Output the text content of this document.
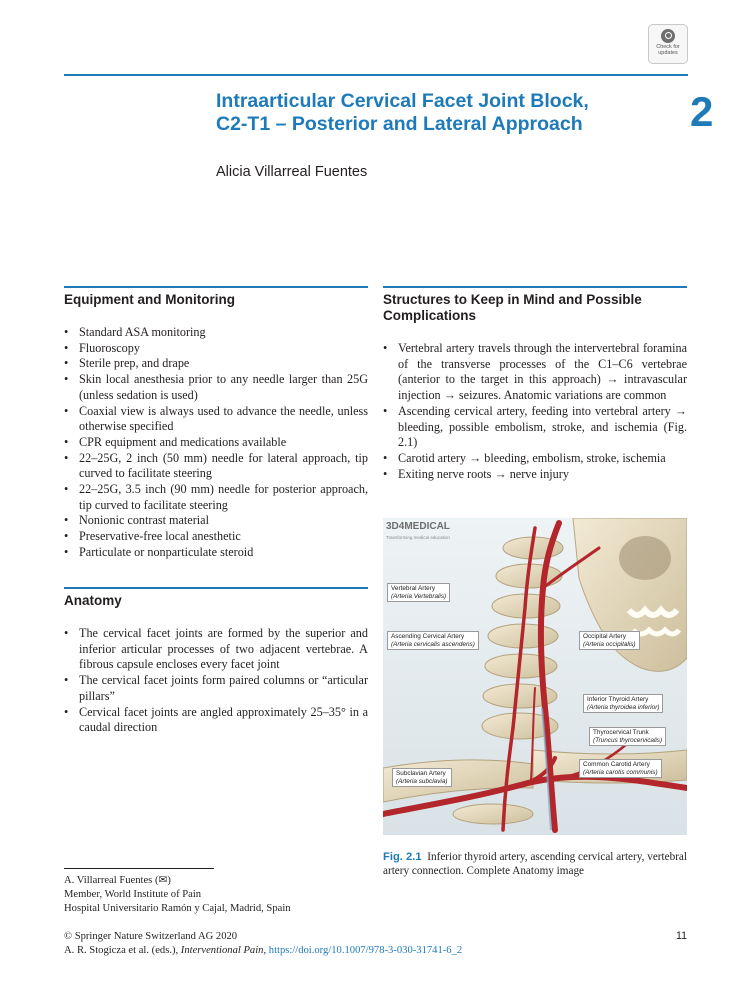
Check for
updates
Intraarticular Cervical Facet Joint Block,
C2-T1 – Posterior and Lateral Approach	2
Alicia Villarreal Fuentes
Equipment and Monitoring
• Standard ASA monitoring
• Fluoroscopy
• Sterile prep, and drape
• Skin local anesthesia prior to any needle larger than 25G (unless sedation is used)
• Coaxial view is always used to advance the needle, unless otherwise specified
• CPR equipment and medications available
• 22–25G, 2 inch (50 mm) needle for lateral approach, tip curved to facilitate steering
• 22–25G, 3.5 inch (90 mm) needle for posterior approach, tip curved to facilitate steering
• Nonionic contrast material
• Preservative-free local anesthetic
• Particulate or nonparticulate steroid
Anatomy
• The cervical facet joints are formed by the superior and inferior articular processes of two adjacent vertebrae. A fibrous capsule encloses every facet joint
• The cervical facet joints form paired columns or “articular pillars”
• Cervical facet joints are angled approximately 25–35° in a caudal direction
Structures to Keep in Mind and Possible
Complications
• Vertebral artery travels through the intervertebral foramina of the transverse processes of the C1–C6 vertebrae (anterior to the target in this approach) → intravascular injection → seizures. Anatomic variations are common
• Ascending cervical artery, feeding into vertebral artery → bleeding, possible embolism, stroke, and ischemia (Fig. 2.1)
• Carotid artery → bleeding, embolism, stroke, ischemia
• Exiting nerve roots → nerve injury
3D4MEDICAL
Transforming medical education
Vertebral Artery
(Arteria Vertebralis)
Ascending Cervical Artery
(Arteria cervicalis ascendens)
Occipital Artery
(Arteria occipitalis)
Inferior Thyroid Artery
(Arteria thyroidea inferior)
Thyrocervical Trunk
(Truncus thyrocervicalis)
Common Carotid Artery
(Arteria carotis communis)
Subclavian Artery
(Arteria subclavia)
Fig. 2.1 Inferior thyroid artery, ascending cervical artery, vertebral artery connection. Complete Anatomy image
A. Villarreal Fuentes (✉)
Member, World Institute of Pain
Hospital Universitario Ramón y Cajal, Madrid, Spain
© Springer Nature Switzerland AG 2020
A. R. Stogicza et al. (eds.), Interventional Pain, https://doi.org/10.1007/978-3-030-31741-6_2
11
